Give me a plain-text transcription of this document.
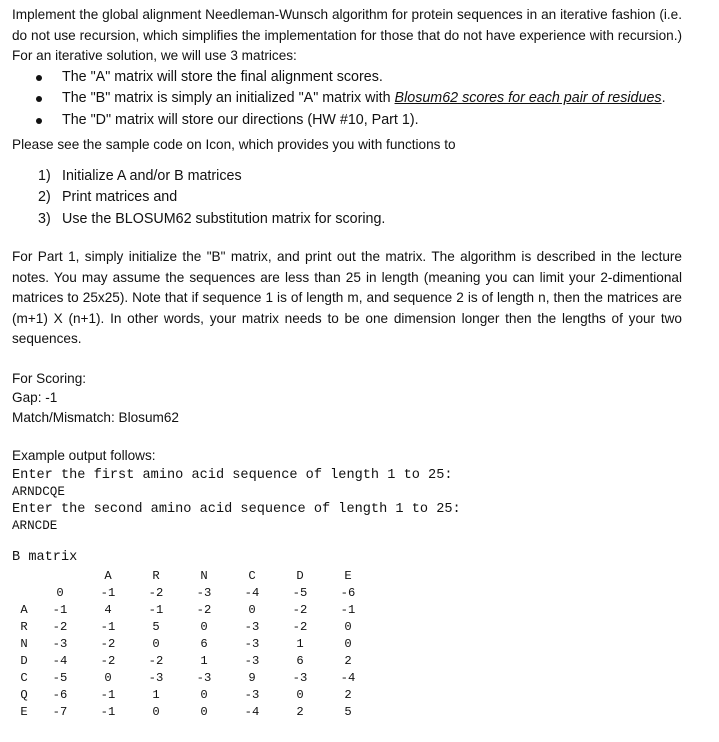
Implement the global alignment Needleman-Wunsch algorithm for protein sequences in an iterative fashion (i.e. do not use recursion, which simplifies the implementation for those that do not have experience with recursion.) For an iterative solution, we will use 3 matrices:

The "A" matrix will store the final alignment scores.
The "B" matrix is simply an initialized "A" matrix with Blosum62 scores for each pair of residues.
The "D" matrix will store our directions (HW #10, Part 1).

Please see the sample code on Icon, which provides you with functions to

1) Initialize A and/or B matrices
2) Print matrices and
3) Use the BLOSUM62 substitution matrix for scoring.

For Part 1, simply initialize the "B" matrix, and print out the matrix. The algorithm is described in the lecture notes. You may assume the sequences are less than 25 in length (meaning you can limit your 2-dimentional matrices to 25x25). Note that if sequence 1 is of length m, and sequence 2 is of length n, then the matrices are (m+1) X (n+1). In other words, your matrix needs to be one dimension longer then the lengths of your two sequences.

For Scoring:
Gap: -1
Match/Mismatch: Blosum62
Example output follows:
Enter the first amino acid sequence of length 1 to 25:
ARNDCQE
Enter the second amino acid sequence of length 1 to 25:
ARNCDE
B matrix
		A	R	N	C	D	E
	0	-1	-2	-3	-4	-5	-6
A	-1	4	-1	-2	0	-2	-1
R	-2	-1	5	0	-3	-2	0
N	-3	-2	0	6	-3	1	0
D	-4	-2	-2	1	-3	6	2
C	-5	0	-3	-3	9	-3	-4
Q	-6	-1	1	0	-3	0	2
E	-7	-1	0	0	-4	2	5
